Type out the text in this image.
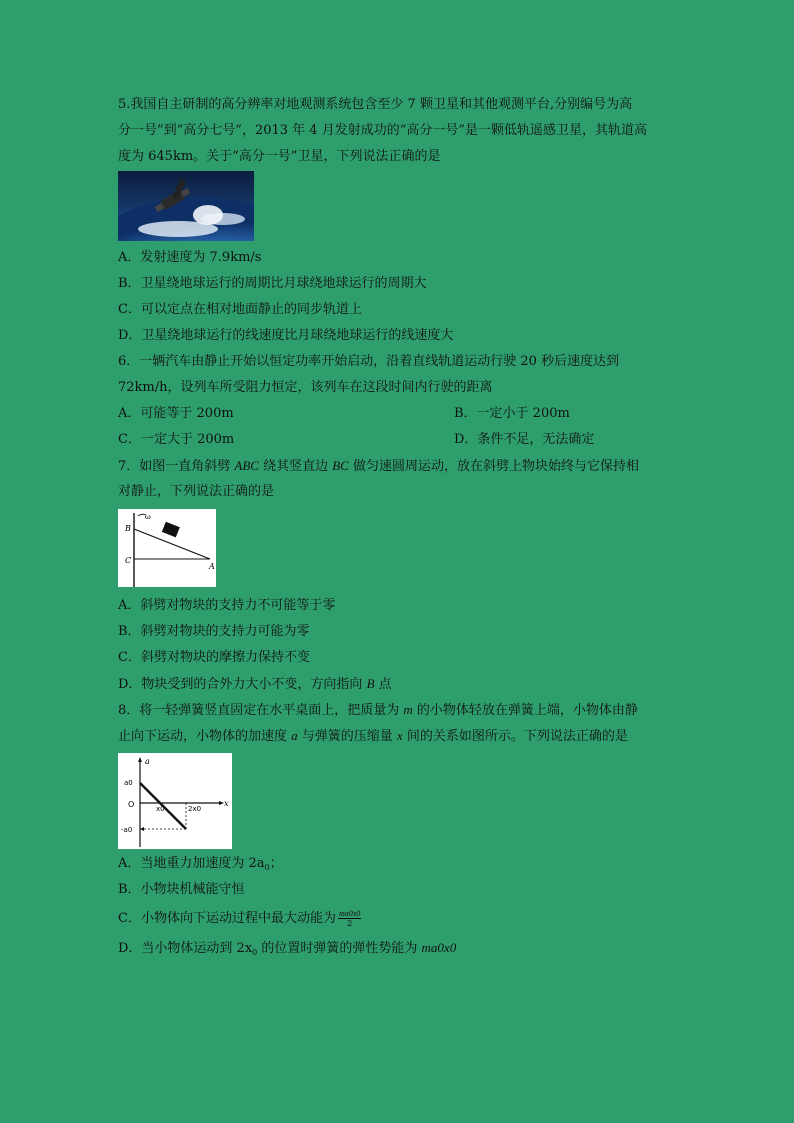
5.我国自主研制的高分辨率对地观测系统包含至少 7 颗卫星和其他观测平台,分别编号为高
分一号”到“高分七号”，2013 年 4 月发射成功的“高分一号”是一颗低轨遥感卫星，其轨道高
度为 645km。关于“高分一号”卫星，下列说法正确的是
A．发射速度为 7.9km/s
B．卫星绕地球运行的周期比月球绕地球运行的周期大
C．可以定点在相对地面静止的同步轨道上
D．卫星绕地球运行的线速度比月球绕地球运行的线速度大
6．一辆汽车由静止开始以恒定功率开始启动，沿着直线轨道运动行驶 20 秒后速度达到
72km/h，设列车所受阻力恒定，该列车在这段时间内行驶的距离
A．可能等于 200m	B．一定小于 200m
C．一定大于 200m	D．条件不足，无法确定
7．如图一直角斜劈 ABC 绕其竖直边 BC 做匀速圆周运动，放在斜劈上物块始终与它保持相
对静止，下列说法正确的是
B
C
A
ω
A．斜劈对物块的支持力不可能等于零
B．斜劈对物块的支持力可能为零
C．斜劈对物块的摩擦力保持不变
D．物块受到的合外力大小不变，方向指向 B 点
8．将一轻弹簧竖直固定在水平桌面上，把质量为 m 的小物体轻放在弹簧上端，小物体由静
止向下运动，小物体的加速度 a 与弹簧的压缩量 x 间的关系如图所示。下列说法正确的是
a
a0
O	x0	2x0
x
-a0
A．当地重力加速度为 $2a_0$；
B．小物块机械能守恒
C．小物体向下运动过程中最大动能为 $\frac{ma0x0}{2}$
D．当小物体运动到 $2x_0$ 的位置时弹簧的弹性势能为 ma0x0
